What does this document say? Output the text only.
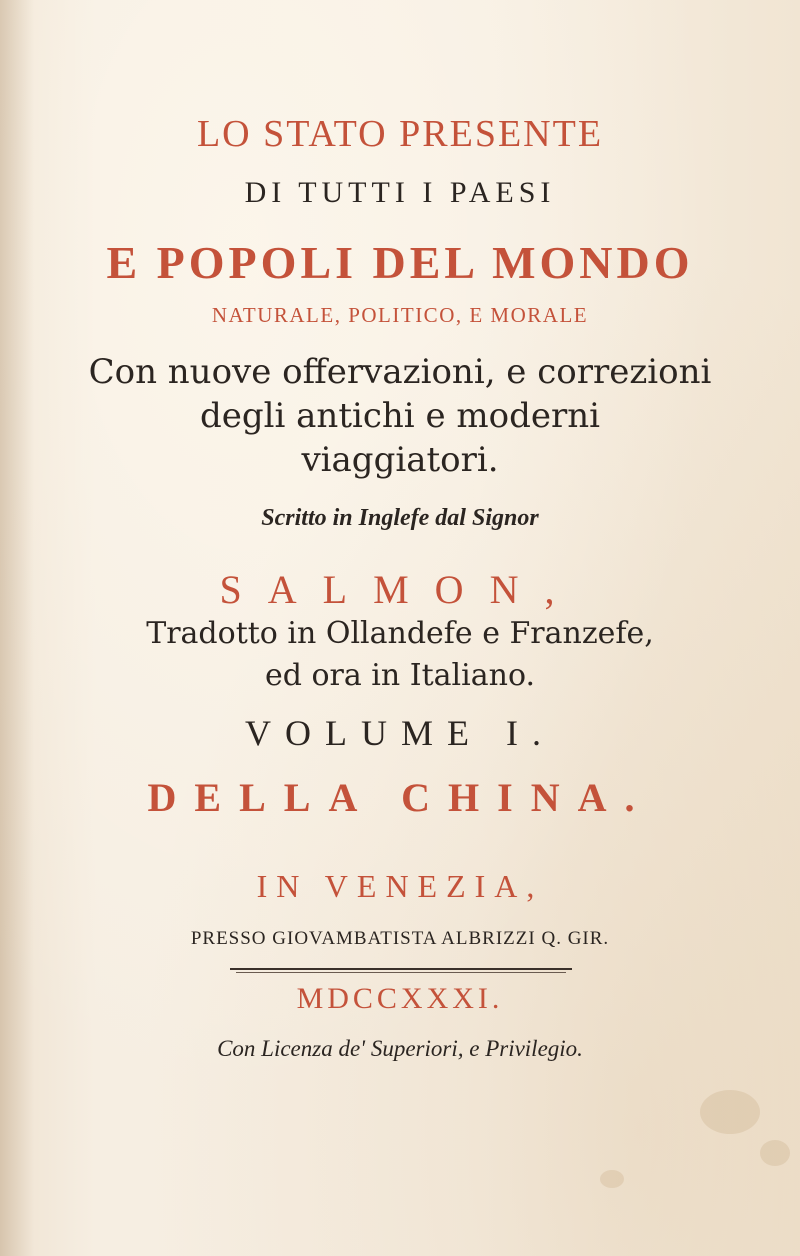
LO STATO PRESENTE

DI TUTTI I PAESI

E POPOLI DEL MONDO

NATURALE, POLITICO, E MORALE

Con nuove offervazioni, e correzioni

degli antichi e moderni

viaggiatori.

Scritto in Inglefe dal Signor

SALMON,

Tradotto in Ollandefe e Franzefe,

ed ora in Italiano.

VOLUME I.

DELLA CHINA.

IN VENEZIA,

PRESSO GIOVAMBATISTA ALBRIZZI Q. GIR.

MDCCXXXI.

Con Licenza de' Superiori, e Privilegio.
